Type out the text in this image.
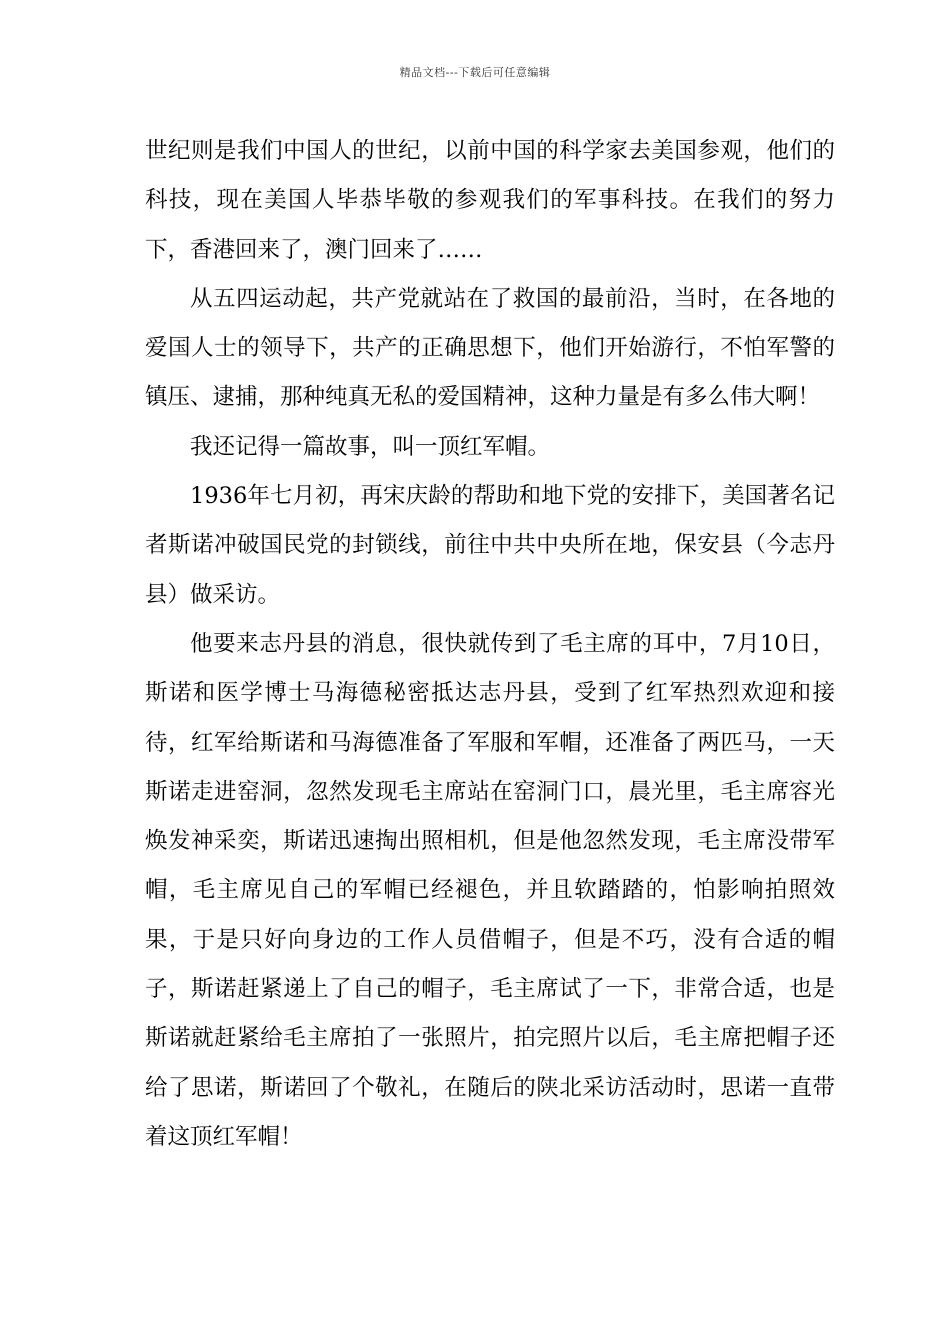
精品文档---下载后可任意编辑

世纪则是我们中国人的世纪，以前中国的科学家去美国参观，他们的科技，现在美国人毕恭毕敬的参观我们的军事科技。在我们的努力下，香港回来了，澳门回来了……

从五四运动起，共产党就站在了救国的最前沿，当时，在各地的爱国人士的领导下，共产的正确思想下，他们开始游行，不怕军警的镇压、逮捕，那种纯真无私的爱国精神，这种力量是有多么伟大啊！

我还记得一篇故事，叫一顶红军帽。

1936年七月初，再宋庆龄的帮助和地下党的安排下，美国著名记者斯诺冲破国民党的封锁线，前往中共中央所在地，保安县（今志丹县）做采访。

他要来志丹县的消息，很快就传到了毛主席的耳中，7月10日，斯诺和医学博士马海德秘密抵达志丹县，受到了红军热烈欢迎和接待，红军给斯诺和马海德准备了军服和军帽，还准备了两匹马，一天斯诺走进窑洞，忽然发现毛主席站在窑洞门口，晨光里，毛主席容光焕发神采奕，斯诺迅速掏出照相机，但是他忽然发现，毛主席没带军帽，毛主席见自己的军帽已经褪色，并且软踏踏的，怕影响拍照效果，于是只好向身边的工作人员借帽子，但是不巧，没有合适的帽子，斯诺赶紧递上了自己的帽子，毛主席试了一下，非常合适，也是斯诺就赶紧给毛主席拍了一张照片，拍完照片以后，毛主席把帽子还给了思诺，斯诺回了个敬礼，在随后的陕北采访活动时，思诺一直带着这顶红军帽！
